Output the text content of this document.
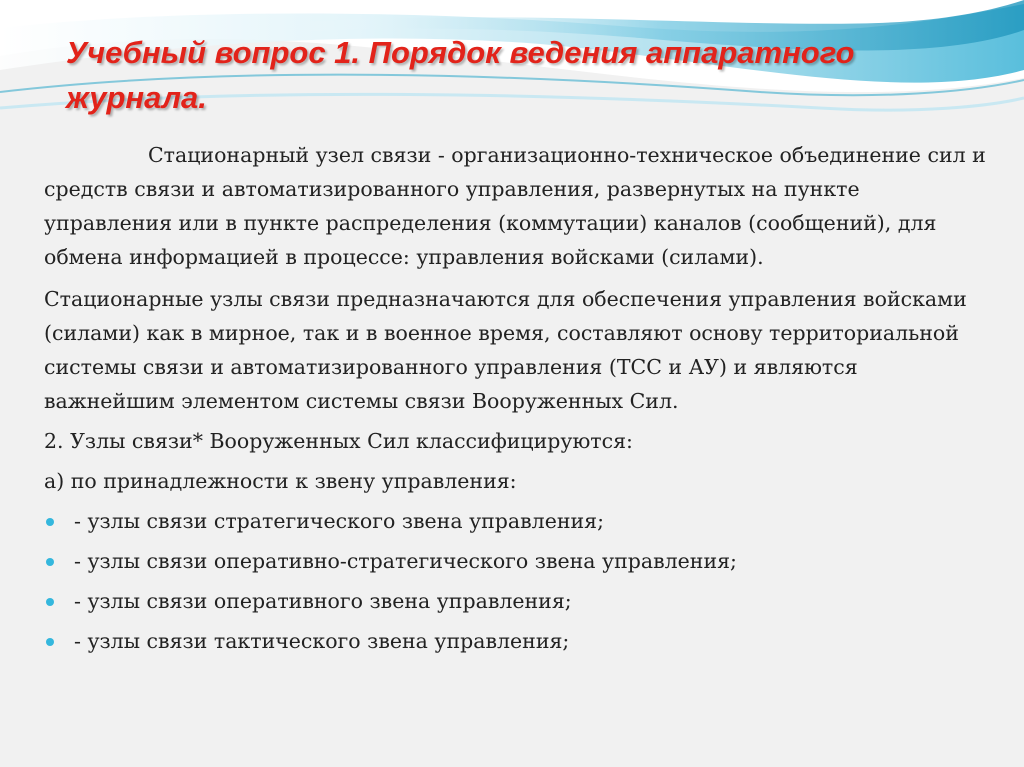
Учебный вопрос 1. Порядок ведения аппаратного журнала.

Стационарный узел связи - организационно-техническое объединение сил и средств связи и автоматизированного управления, развернутых на пункте управления или в пункте распределения (коммутации) каналов (сообщений), для обмена информацией в процессе: управления войсками (силами).

Стационарные узлы связи предназначаются для обеспечения управления войсками (силами) как в мирное, так и в военное время, составляют основу территориальной системы связи и автоматизированного управления (ТСС и АУ) и являются важнейшим элементом системы связи Вооруженных Сил.

2. Узлы связи* Вооруженных Сил классифицируются:

а) по принадлежности к звену управления:

- узлы связи стратегического звена управления;
- узлы связи оперативно-стратегического звена управления;
- узлы связи оперативного звена управления;
- узлы связи тактического звена управления;
